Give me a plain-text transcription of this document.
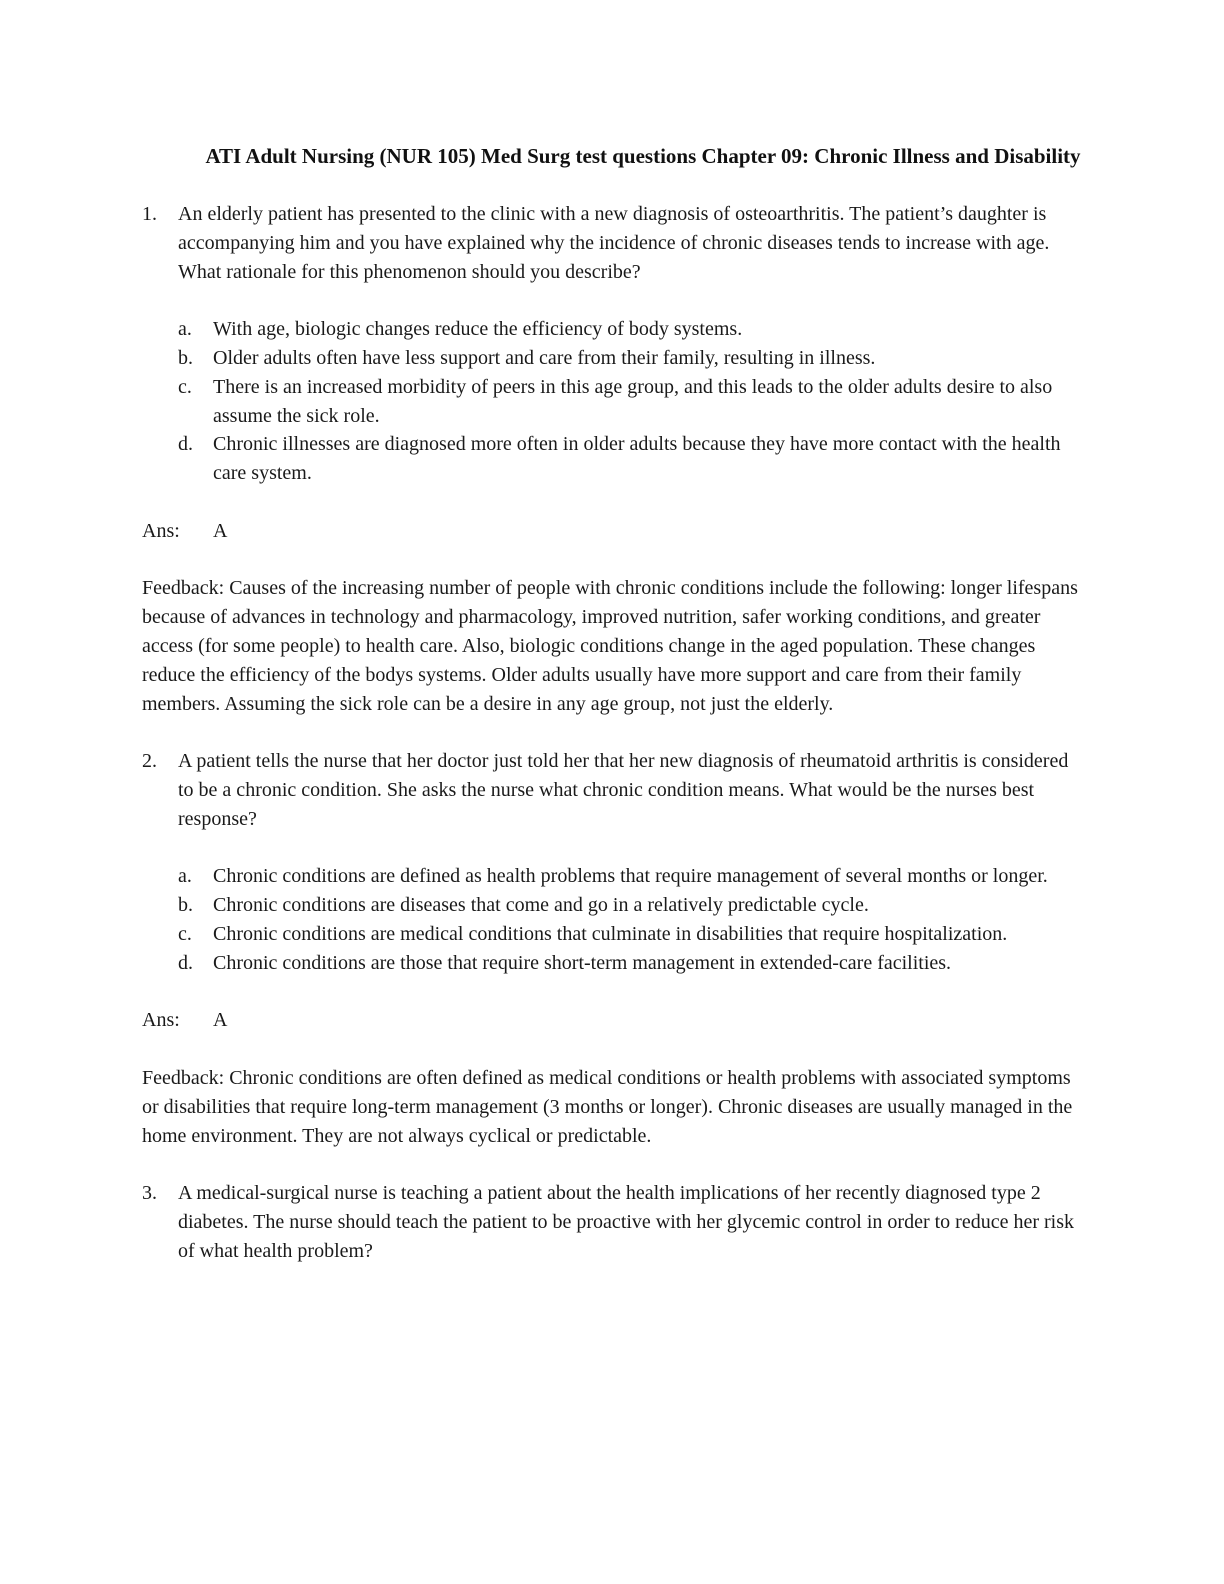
ATI Adult Nursing (NUR 105) Med Surg test questions Chapter 09: Chronic Illness and Disability
1.	An elderly patient has presented to the clinic with a new diagnosis of osteoarthritis. The patient’s daughter is accompanying him and you have explained why the incidence of chronic diseases tends to increase with age. What rationale for this phenomenon should you describe?
a.	With age, biologic changes reduce the efficiency of body systems.
b.	Older adults often have less support and care from their family, resulting in illness.
c.	There is an increased morbidity of peers in this age group, and this leads to the older adults desire to also assume the sick role.
d.	Chronic illnesses are diagnosed more often in older adults because they have more contact with the health care system.
Ans:	A
Feedback: Causes of the increasing number of people with chronic conditions include the following: longer lifespans because of advances in technology and pharmacology, improved nutrition, safer working conditions, and greater access (for some people) to health care. Also, biologic conditions change in the aged population. These changes reduce the efficiency of the bodys systems. Older adults usually have more support and care from their family members. Assuming the sick role can be a desire in any age group, not just the elderly.
2.	A patient tells the nurse that her doctor just told her that her new diagnosis of rheumatoid arthritis is considered to be a chronic condition. She asks the nurse what chronic condition means. What would be the nurses best response?
a.	Chronic conditions are defined as health problems that require management of several months or longer.
b.	Chronic conditions are diseases that come and go in a relatively predictable cycle.
c.	Chronic conditions are medical conditions that culminate in disabilities that require hospitalization.
d.	Chronic conditions are those that require short-term management in extended-care facilities.
Ans:	A
Feedback: Chronic conditions are often defined as medical conditions or health problems with associated symptoms or disabilities that require long-term management (3 months or longer). Chronic diseases are usually managed in the home environment. They are not always cyclical or predictable.
3.	A medical-surgical nurse is teaching a patient about the health implications of her recently diagnosed type 2 diabetes. The nurse should teach the patient to be proactive with her glycemic control in order to reduce her risk of what health problem?
